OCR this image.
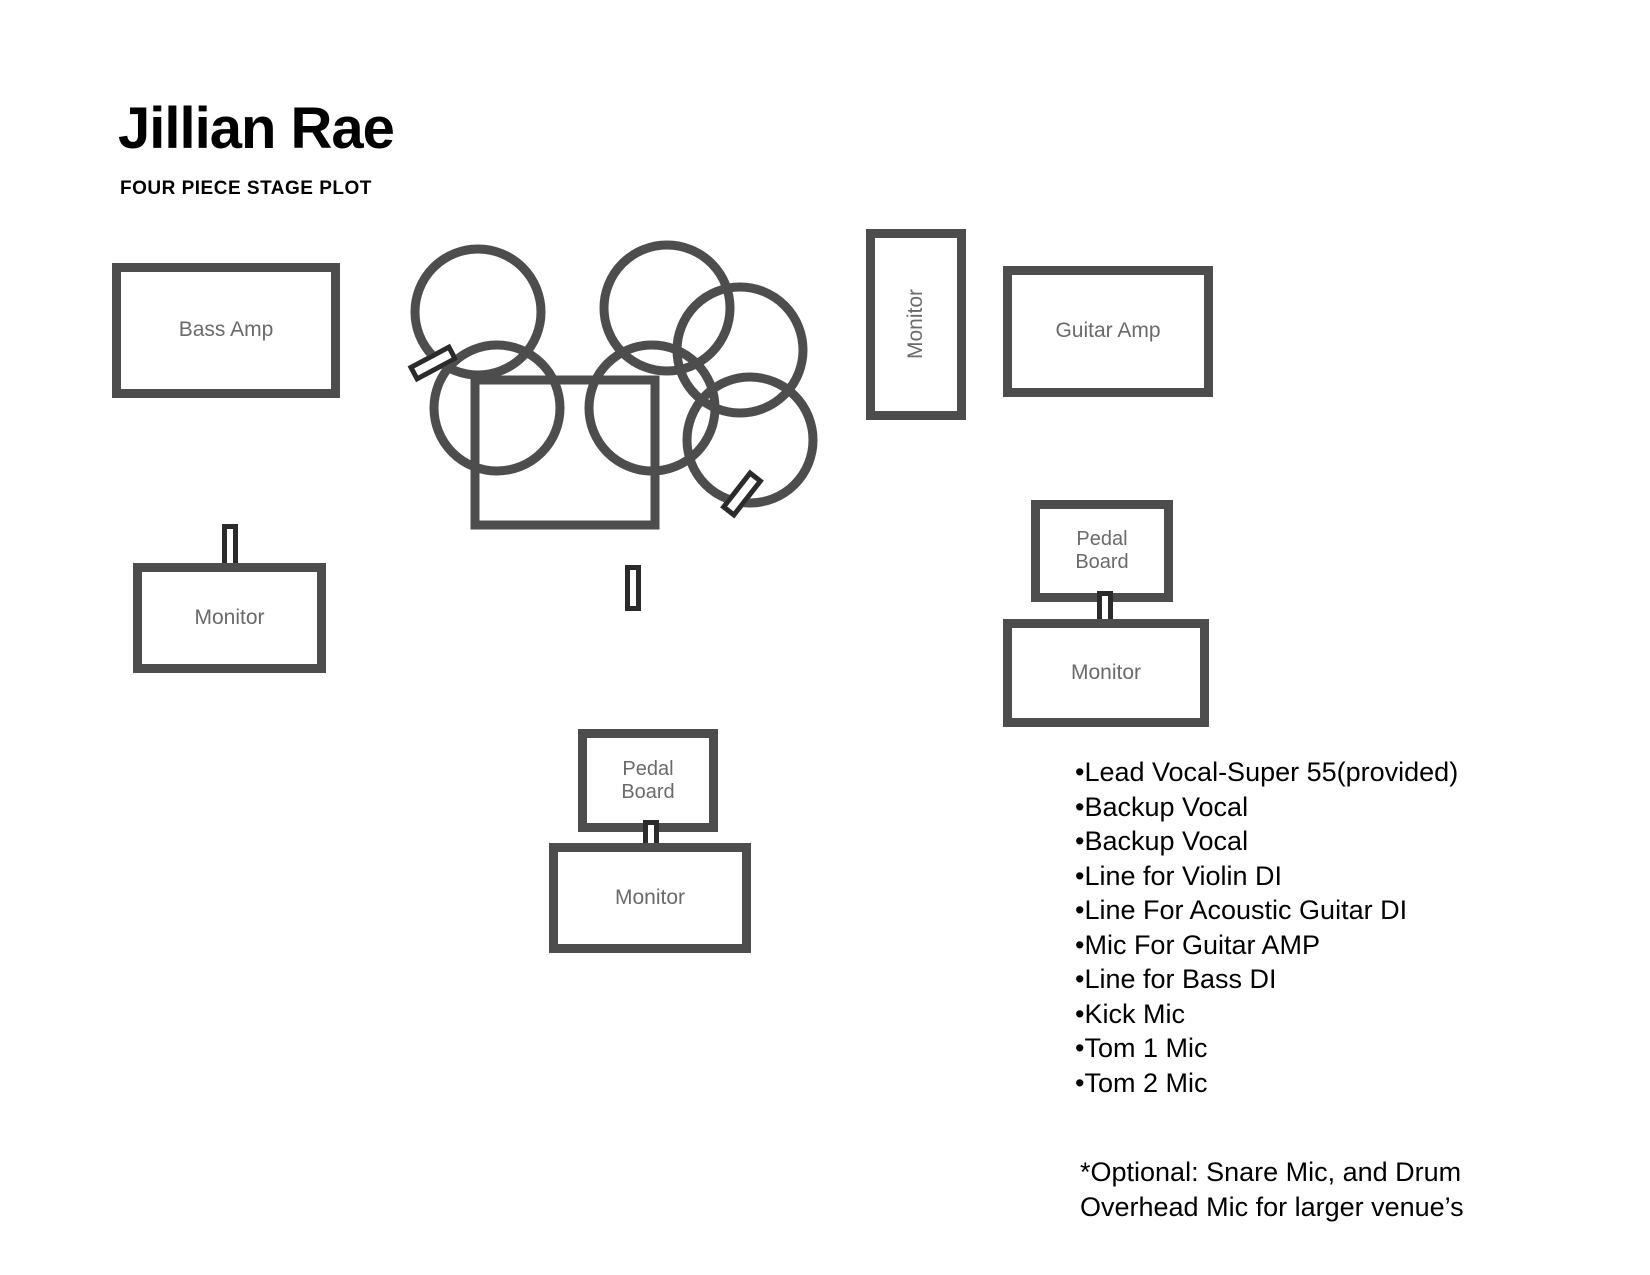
Jillian Rae
FOUR PIECE STAGE PLOT
Bass Amp	Monitor	Guitar Amp
Monitor
Pedal
Board
Monitor
Pedal
Board
Monitor
•Lead Vocal-Super 55(provided)
•Backup Vocal
•Backup Vocal
•Line for Violin DI
•Line For Acoustic Guitar DI
•Mic For Guitar AMP
•Line for Bass DI
•Kick Mic
•Tom 1 Mic
•Tom 2 Mic
*Optional: Snare Mic, and Drum Overhead Mic for larger venue’s
